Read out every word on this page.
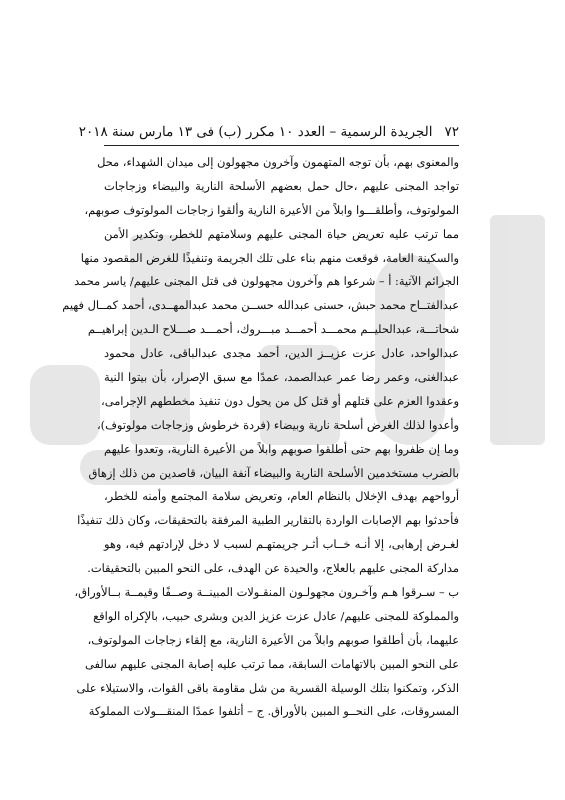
٧٢
الجريدة الرسمية – العدد ١٠ مكرر (ب) فى ١٣ مارس سنة ٢٠١٨
والمعنوى بهم، بأن توجه المتهمون وآخرون مجهولون إلى ميدان الشهداء، محل
تواجد المجنى عليهم ،حال حمل بعضهم الأسلحة النارية والبيضاء وزجاجات
المولوتوف، وأطلقـــوا وابلاً من الأعيرة النارية وألقوا زجاجات المولوتوف صوبهم،
مما ترتب عليه تعريض حياة المجنى عليهم وسلامتهم للخطر، وتكدير الأمن
والسكينة العامة، فوقعت منهم بناء على تلك الجريمة وتنفيذًا للغرض المقصود منها
الجرائم الآتية: أ – شرعوا هم وآخرون مجهولون فى قتل المجنى عليهم/ ياسر محمد
عبدالفتــاح محمد حبش، حسنى عبدالله حســن محمد عبدالمهــدى، أحمد كمــال فهيم
شحاتـــة، عبدالحليــم محمـــد أحمـــد مبـــروك، أحمـــد صـــلاح الـدين إبراهيــم
عبدالواحد، عادل عزت عزيــز الدين، أحمد مجدى عبدالباقى، عادل محمود
عبدالغنى، وعمر رضا عمر عبدالصمد، عمدًا مع سبق الإصرار، بأن بيتوا النية
وعقدوا العزم على قتلهم أو قتل كل من يحول دون تنفيذ مخططهم الإجرامى،
وأعدوا لذلك الغرض أسلحة نارية وبيضاء (فردة خرطوش وزجاجات مولوتوف)،
وما إن ظفروا بهم حتى أطلقوا صوبهم وابلاً من الأعيرة النارية، وتعدوا عليهم
بالضرب مستخدمين الأسلحة النارية والبيضاء آنفة البيان، قاصدين من ذلك إزهاق
أرواحهم بهدف الإخلال بالنظام العام، وتعريض سلامة المجتمع وأمنه للخطر،
فأحدثوا بهم الإصابات الواردة بالتقارير الطبية المرفقة بالتحقيقات، وكان ذلك تنفيذًا
لغـرض إرهابى، إلا أنـه خــاب أثـر جريمتهـم لسبب لا دخل لإرادتهم فيه، وهو
مداركة المجنى عليهم بالعلاج، والحيدة عن الهدف، على النحو المبين بالتحقيقات.
ب – سـرقوا هـم وآخـرون مجهولـون المنقـولات المبينــة وصــفًا وقيمــة بــالأوراق،
والمملوكة للمجنى عليهم/ عادل عزت عزيز الدين وبشرى حبيب، بالإكراه الواقع
عليهما، بأن أطلقوا صوبهم وابلاً من الأعيرة النارية، مع إلقاء زجاجات المولوتوف،
على النحو المبين بالاتهامات السابقة، مما ترتب عليه إصابة المجنى عليهم سالفى
الذكر، وتمكنوا بتلك الوسيلة القسرية من شل مقاومة باقى القوات، والاستيلاء على
المسروقات، على النحــو المبين بالأوراق. ج – أتلفوا عمدًا المنقـــولات المملوكة
